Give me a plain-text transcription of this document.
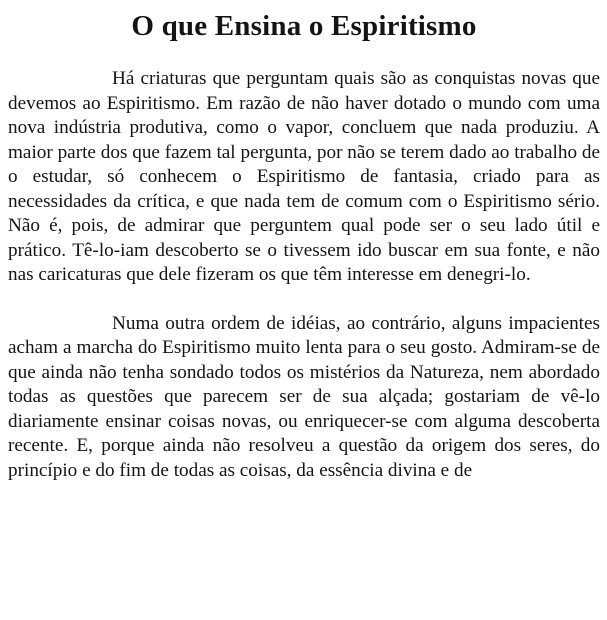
O que Ensina o Espiritismo

Há criaturas que perguntam quais são as conquistas novas que devemos ao Espiritismo. Em razão de não haver dotado o mundo com uma nova indústria produtiva, como o vapor, concluem que nada produziu. A maior parte dos que fazem tal pergunta, por não se terem dado ao trabalho de o estudar, só conhecem o Espiritismo de fantasia, criado para as necessidades da crítica, e que nada tem de comum com o Espiritismo sério. Não é, pois, de admirar que perguntem qual pode ser o seu lado útil e prático. Tê-lo-iam descoberto se o tivessem ido buscar em sua fonte, e não nas caricaturas que dele fizeram os que têm interesse em denegri-lo.

Numa outra ordem de idéias, ao contrário, alguns impacientes acham a marcha do Espiritismo muito lenta para o seu gosto. Admiram-se de que ainda não tenha sondado todos os mistérios da Natureza, nem abordado todas as questões que parecem ser de sua alçada; gostariam de vê-lo diariamente ensinar coisas novas, ou enriquecer-se com alguma descoberta recente. E, porque ainda não resolveu a questão da origem dos seres, do princípio e do fim de todas as coisas, da essência divina e de
